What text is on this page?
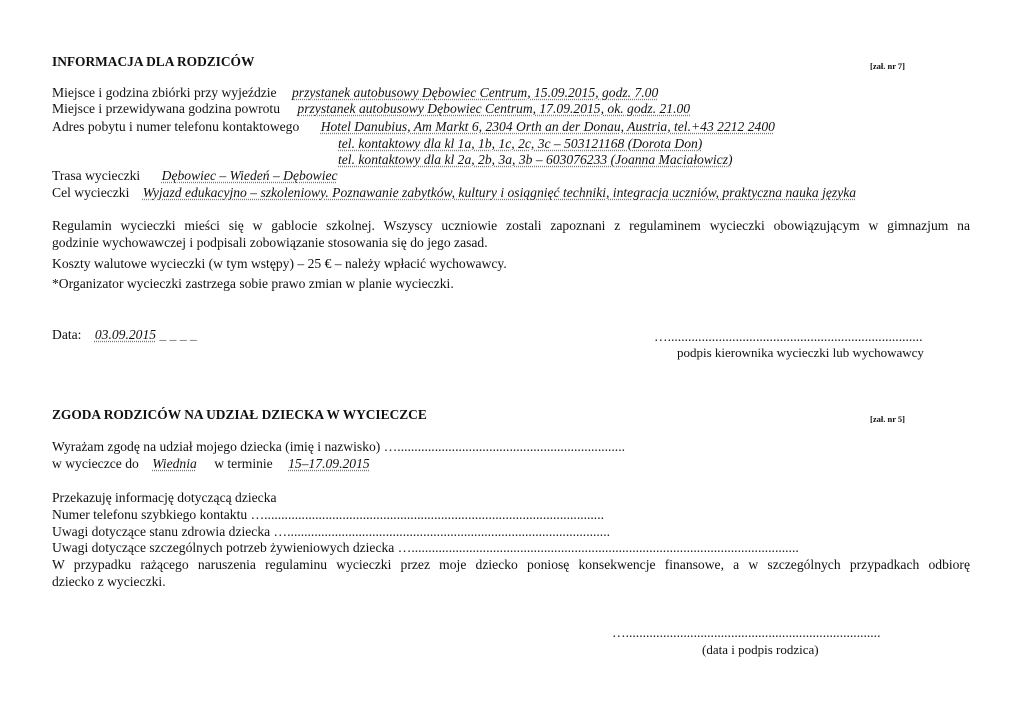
INFORMACJA DLA RODZICÓW	[zał. nr 7]
Miejsce i godzina zbiórki przy wyjeździe przystanek autobusowy Dębowiec Centrum, 15.09.2015, godz. 7.00
Miejsce i przewidywana godzina powrotu przystanek autobusowy Dębowiec Centrum, 17.09.2015, ok. godz. 21.00
Adres pobytu i numer telefonu kontaktowego Hotel Danubius, Am Markt 6, 2304 Orth an der Donau, Austria, tel.+43 2212 2400
tel. kontaktowy dla kl 1a, 1b, 1c, 2c, 3c – 503121168 (Dorota Don)
tel. kontaktowy dla kl 2a, 2b, 3a, 3b – 603076233 (Joanna Maciałowicz)
Trasa wycieczki Dębowiec – Wiedeń – Dębowiec
Cel wycieczki Wyjazd edukacyjno – szkoleniowy. Poznawanie zabytków, kultury i osiągnięć techniki, integracja uczniów, praktyczna nauka języka
Regulamin wycieczki mieści się w gablocie szkolnej. Wszyscy uczniowie zostali zapoznani z regulaminem wycieczki obowiązującym w gimnazjum na
godzinie wychowawczej i podpisali zobowiązanie stosowania się do jego zasad.
Koszty walutowe wycieczki (w tym wstępy) – 25 € – należy wpłacić wychowawcy.
*Organizator wycieczki zastrzega sobie prawo zmian w planie wycieczki.
Data: 03.09.2015 _ _ _ _	…...........................................................................
podpis kierownika wycieczki lub wychowawcy
ZGODA RODZICÓW NA UDZIAŁ DZIECKA W WYCIECZCE	[zał. nr 5]
Wyrażam zgodę na udział mojego dziecka (imię i nazwisko) …...................................................................
w wycieczce do Wiednia w terminie 15–17.09.2015
Przekazuję informację dotyczącą dziecka
Numer telefonu szybkiego kontaktu …....................................................................................................
Uwagi dotyczące stanu zdrowia dziecka …...............................................................................................
Uwagi dotyczące szczególnych potrzeb żywieniowych dziecka …..................................................................................................................
W przypadku rażącego naruszenia regulaminu wycieczki przez moje dziecko poniosę konsekwencje finansowe, a w szczególnych przypadkach odbiorę
dziecko z wycieczki.
…...........................................................................
(data i podpis rodzica)
